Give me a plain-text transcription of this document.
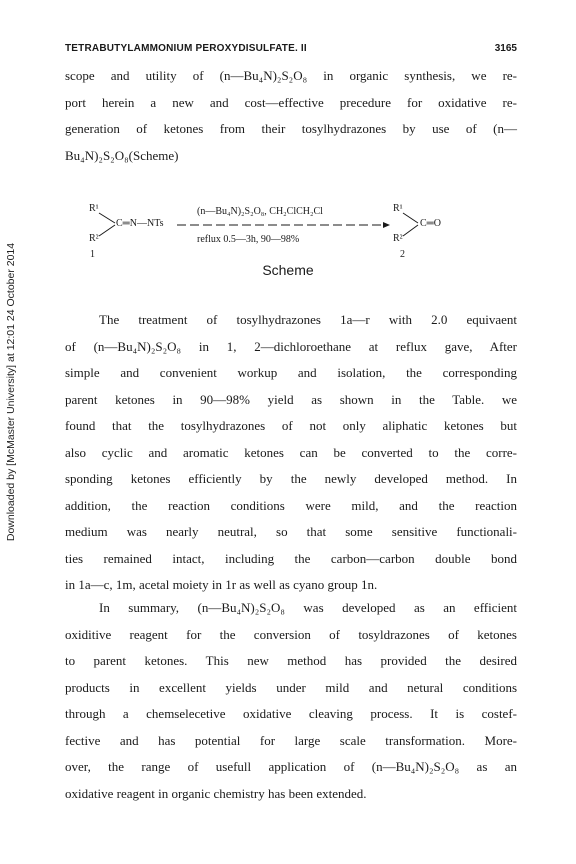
Downloaded by [McMaster University] at 12:01 24 October 2014
TETRABUTYLAMMONIUM PEROXYDISULFATE. II	3165
scope and utility of (n—Bu₄N)₂S₂O₈ in organic synthesis, we re-
port herein a new and cost—effective precedure for oxidative re-
generation of ketones from their tosylhydrazones by use of (n—
Bu₄N)₂S₂O₈(Scheme)
R¹
R²
C═N—NTs
(n—Bu₄N)₂S₂O₈, CH₂ClCH₂Cl
reflux 0.5—3h, 90—98%
R¹
R²
C═O
1	2
Scheme
The treatment of tosylhydrazones 1a—r with 2.0 equivaent
of (n—Bu₄N)₂S₂O₈ in 1, 2—dichloroethane at reflux gave, After
simple and convenient workup and isolation, the corresponding
parent ketones in 90—98% yield as shown in the Table. we
found that the tosylhydrazones of not only aliphatic ketones but
also cyclic and aromatic ketones can be converted to the corre-
sponding ketones efficiently by the newly developed method. In
addition, the reaction conditions were mild, and the reaction
medium was nearly neutral, so that some sensitive functionali-
ties remained intact, including the carbon—carbon double bond
in 1a—c, 1m, acetal moiety in 1r as well as cyano group 1n.
In summary, (n—Bu₄N)₂S₂O₈ was developed as an efficient
oxiditive reagent for the conversion of tosyldrazones of ketones
to parent ketones. This new method has provided the desired
products in excellent yields under mild and netural conditions
through a chemselecetive oxidative cleaving process. It is costef-
fective and has potential for large scale transformation. More-
over, the range of usefull application of (n—Bu₄N)₂S₂O₈ as an
oxidative reagent in organic chemistry has been extended.
